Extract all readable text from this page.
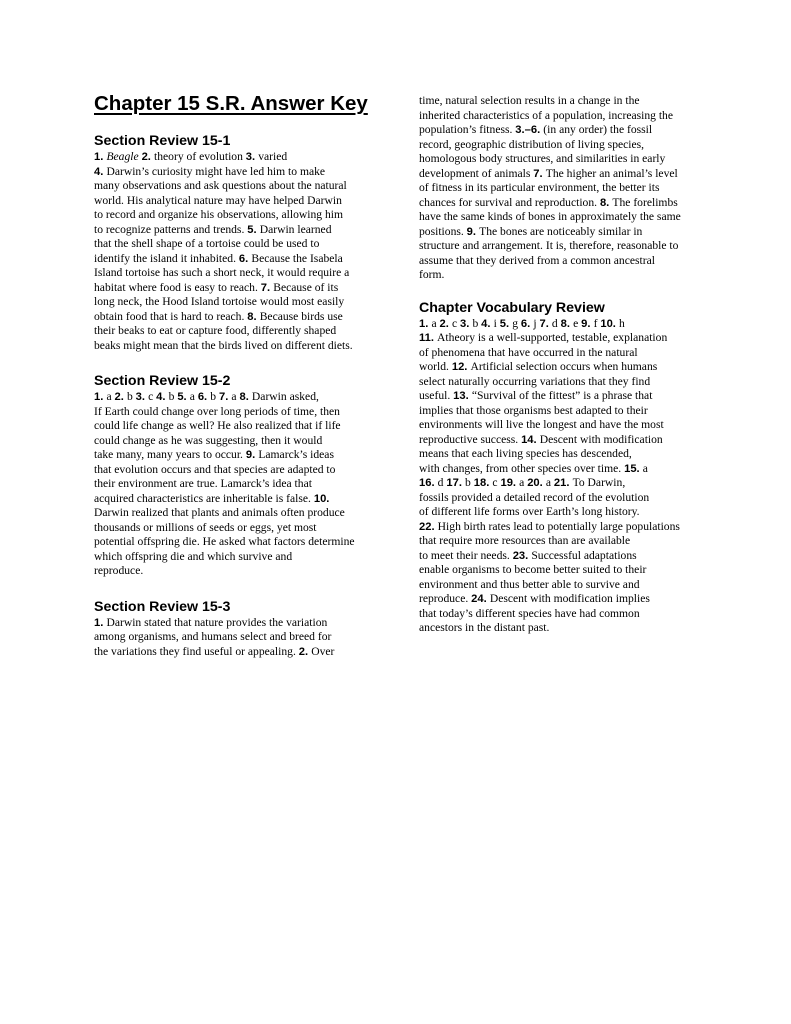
Chapter 15 S.R. Answer Key
Section Review 15-1
1. Beagle 2. theory of evolution 3. varied
4. Darwin’s curiosity might have led him to make
many observations and ask questions about the natural
world. His analytical nature may have helped Darwin
to record and organize his observations, allowing him
to recognize patterns and trends. 5. Darwin learned
that the shell shape of a tortoise could be used to
identify the island it inhabited. 6. Because the Isabela
Island tortoise has such a short neck, it would require a
habitat where food is easy to reach. 7. Because of its
long neck, the Hood Island tortoise would most easily
obtain food that is hard to reach. 8. Because birds use
their beaks to eat or capture food, differently shaped
beaks might mean that the birds lived on different diets.
Section Review 15-2
1. a 2. b 3. c 4. b 5. a 6. b 7. a 8. Darwin asked,
If Earth could change over long periods of time, then
could life change as well? He also realized that if life
could change as he was suggesting, then it would
take many, many years to occur. 9. Lamarck’s ideas
that evolution occurs and that species are adapted to
their environment are true. Lamarck’s idea that
acquired characteristics are inheritable is false. 10.
Darwin realized that plants and animals often produce
thousands or millions of seeds or eggs, yet most
potential offspring die. He asked what factors determine
which offspring die and which survive and
reproduce.
Section Review 15-3
1. Darwin stated that nature provides the variation
among organisms, and humans select and breed for
the variations they find useful or appealing. 2. Over
time, natural selection results in a change in the
inherited characteristics of a population, increasing the
population’s fitness. 3.–6. (in any order) the fossil
record, geographic distribution of living species,
homologous body structures, and similarities in early
development of animals 7. The higher an animal’s level
of fitness in its particular environment, the better its
chances for survival and reproduction. 8. The forelimbs
have the same kinds of bones in approximately the same
positions. 9. The bones are noticeably similar in
structure and arrangement. It is, therefore, reasonable to
assume that they derived from a common ancestral
form.
Chapter Vocabulary Review
1. a 2. c 3. b 4. i 5. g 6. j 7. d 8. e 9. f 10. h
11. Atheory is a well-supported, testable, explanation
of phenomena that have occurred in the natural
world. 12. Artificial selection occurs when humans
select naturally occurring variations that they find
useful. 13. “Survival of the fittest” is a phrase that
implies that those organisms best adapted to their
environments will live the longest and have the most
reproductive success. 14. Descent with modification
means that each living species has descended,
with changes, from other species over time. 15. a
16. d 17. b 18. c 19. a 20. a 21. To Darwin,
fossils provided a detailed record of the evolution
of different life forms over Earth’s long history.
22. High birth rates lead to potentially large populations
that require more resources than are available
to meet their needs. 23. Successful adaptations
enable organisms to become better suited to their
environment and thus better able to survive and
reproduce. 24. Descent with modification implies
that today’s different species have had common
ancestors in the distant past.
